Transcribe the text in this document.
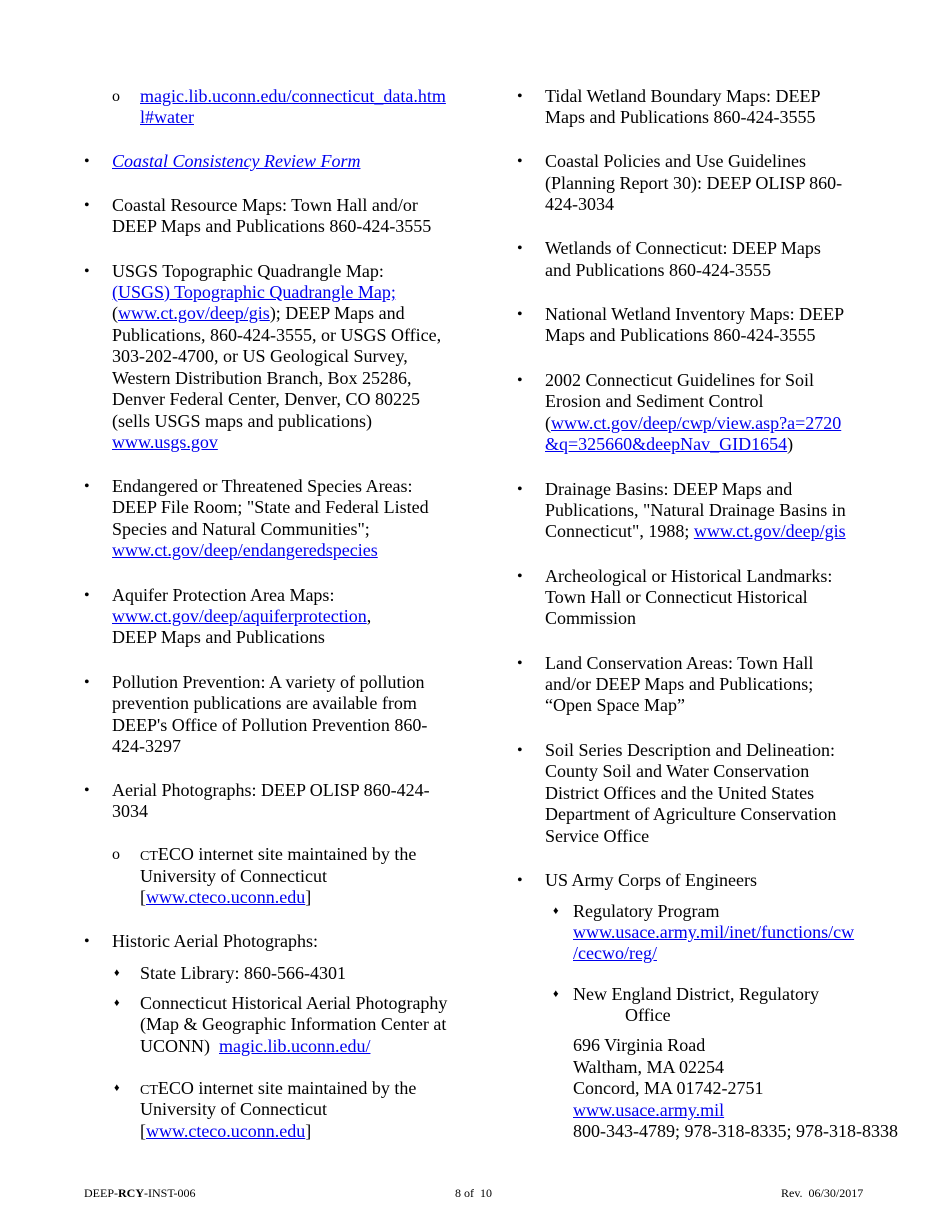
o magic.lib.uconn.edu/connecticut_data.htm
l#water
• Coastal Consistency Review Form
• Coastal Resource Maps: Town Hall and/or
DEEP Maps and Publications 860-424-3555
• USGS Topographic Quadrangle Map:
(USGS) Topographic Quadrangle Map;
(www.ct.gov/deep/gis); DEEP Maps and
Publications, 860-424-3555, or USGS Office,
303-202-4700, or US Geological Survey,
Western Distribution Branch, Box 25286,
Denver Federal Center, Denver, CO 80225
(sells USGS maps and publications)
www.usgs.gov
• Endangered or Threatened Species Areas:
DEEP File Room; "State and Federal Listed
Species and Natural Communities";
www.ct.gov/deep/endangeredspecies
• Aquifer Protection Area Maps:
www.ct.gov/deep/aquiferprotection,
DEEP Maps and Publications
• Pollution Prevention: A variety of pollution
prevention publications are available from
DEEP's Office of Pollution Prevention 860-
424-3297
• Aerial Photographs: DEEP OLISP 860-424-
3034
o CTECO internet site maintained by the
University of Connecticut
[www.cteco.uconn.edu]
• Historic Aerial Photographs:
♦ State Library: 860-566-4301
♦ Connecticut Historical Aerial Photography
(Map & Geographic Information Center at
UCONN)  magic.lib.uconn.edu/
♦ CTECO internet site maintained by the
University of Connecticut
[www.cteco.uconn.edu]
• Tidal Wetland Boundary Maps: DEEP
Maps and Publications 860-424-3555
• Coastal Policies and Use Guidelines
(Planning Report 30): DEEP OLISP 860-
424-3034
• Wetlands of Connecticut: DEEP Maps
and Publications 860-424-3555
• National Wetland Inventory Maps: DEEP
Maps and Publications 860-424-3555
• 2002 Connecticut Guidelines for Soil
Erosion and Sediment Control
(www.ct.gov/deep/cwp/view.asp?a=2720
&q=325660&deepNav_GID1654)
• Drainage Basins: DEEP Maps and
Publications, "Natural Drainage Basins in
Connecticut", 1988; www.ct.gov/deep/gis
• Archeological or Historical Landmarks:
Town Hall or Connecticut Historical
Commission
• Land Conservation Areas: Town Hall
and/or DEEP Maps and Publications;
“Open Space Map”
• Soil Series Description and Delineation:
County Soil and Water Conservation
District Offices and the United States
Department of Agriculture Conservation
Service Office
• US Army Corps of Engineers
♦ Regulatory Program
www.usace.army.mil/inet/functions/cw
/cecwo/reg/
♦ New England District, Regulatory
Office
696 Virginia Road
Waltham, MA 02254
Concord, MA 01742-2751
www.usace.army.mil
800-343-4789; 978-318-8335; 978-318-8338
DEEP-RCY-INST-006	8 of  10	Rev.  06/30/2017
